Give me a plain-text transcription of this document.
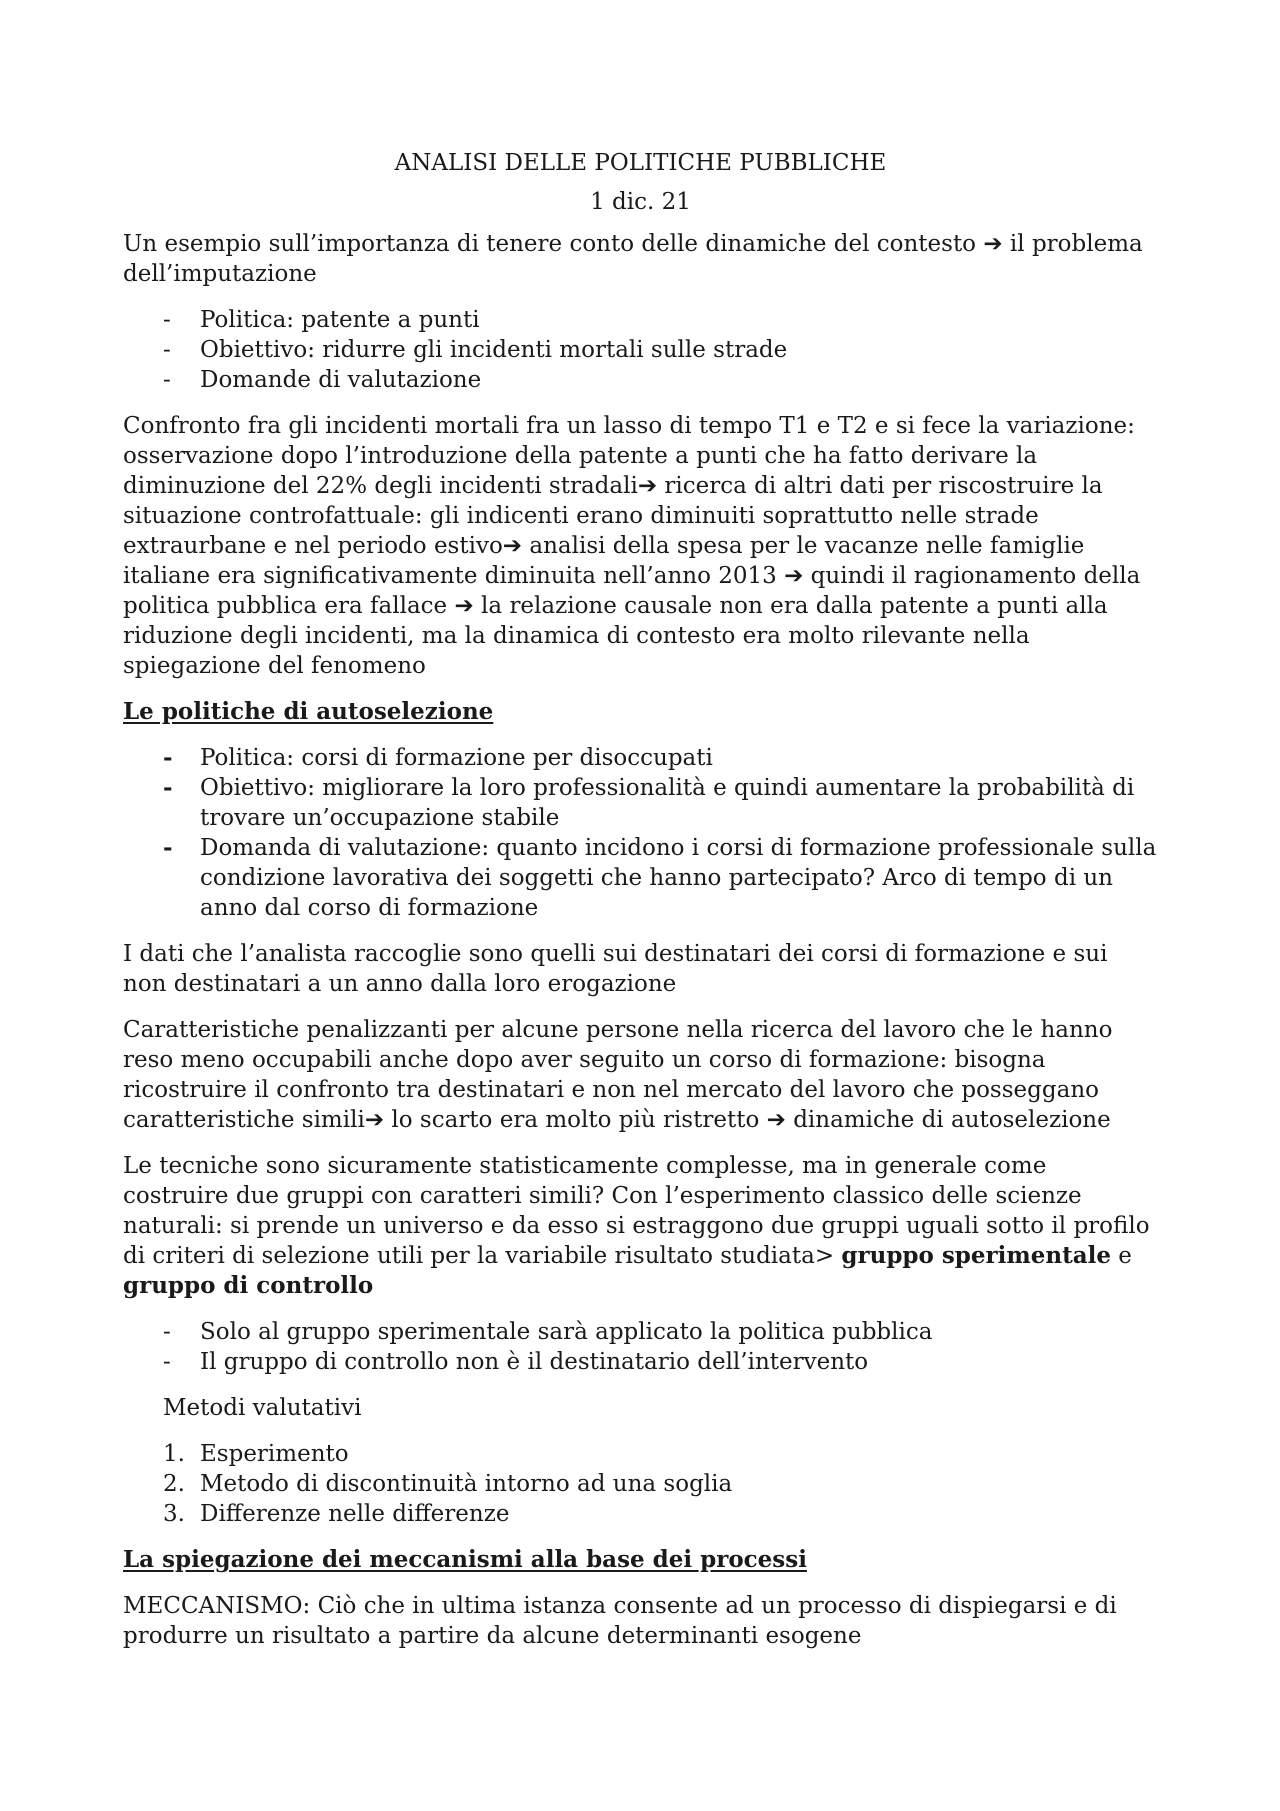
ANALISI DELLE POLITICHE PUBBLICHE

1 dic. 21

Un esempio sull’importanza di tenere conto delle dinamiche del contesto ➔ il problema dell’imputazione

- Politica: patente a punti
- Obiettivo: ridurre gli incidenti mortali sulle strade
- Domande di valutazione

Confronto fra gli incidenti mortali fra un lasso di tempo T1 e T2 e si fece la variazione: osservazione dopo l’introduzione della patente a punti che ha fatto derivare la diminuzione del 22% degli incidenti stradali➔ ricerca di altri dati per riscostruire la situazione controfattuale: gli indicenti erano diminuiti soprattutto nelle strade extraurbane e nel periodo estivo➔ analisi della spesa per le vacanze nelle famiglie italiane era significativamente diminuita nell’anno 2013 ➔ quindi il ragionamento della politica pubblica era fallace ➔ la relazione causale non era dalla patente a punti alla riduzione degli incidenti, ma la dinamica di contesto era molto rilevante nella spiegazione del fenomeno

Le politiche di autoselezione

- Politica: corsi di formazione per disoccupati
- Obiettivo: migliorare la loro professionalità e quindi aumentare la probabilità di trovare un’occupazione stabile
- Domanda di valutazione: quanto incidono i corsi di formazione professionale sulla condizione lavorativa dei soggetti che hanno partecipato? Arco di tempo di un anno dal corso di formazione

I dati che l’analista raccoglie sono quelli sui destinatari dei corsi di formazione e sui non destinatari a un anno dalla loro erogazione

Caratteristiche penalizzanti per alcune persone nella ricerca del lavoro che le hanno reso meno occupabili anche dopo aver seguito un corso di formazione: bisogna ricostruire il confronto tra destinatari e non nel mercato del lavoro che posseggano caratteristiche simili➔ lo scarto era molto più ristretto ➔ dinamiche di autoselezione

Le tecniche sono sicuramente statisticamente complesse, ma in generale come costruire due gruppi con caratteri simili? Con l’esperimento classico delle scienze naturali: si prende un universo e da esso si estraggono due gruppi uguali sotto il profilo di criteri di selezione utili per la variabile risultato studiata> gruppo sperimentale e gruppo di controllo

- Solo al gruppo sperimentale sarà applicato la politica pubblica
- Il gruppo di controllo non è il destinatario dell’intervento

Metodi valutativi

1. Esperimento
2. Metodo di discontinuità intorno ad una soglia
3. Differenze nelle differenze

La spiegazione dei meccanismi alla base dei processi

MECCANISMO: Ciò che in ultima istanza consente ad un processo di dispiegarsi e di produrre un risultato a partire da alcune determinanti esogene
